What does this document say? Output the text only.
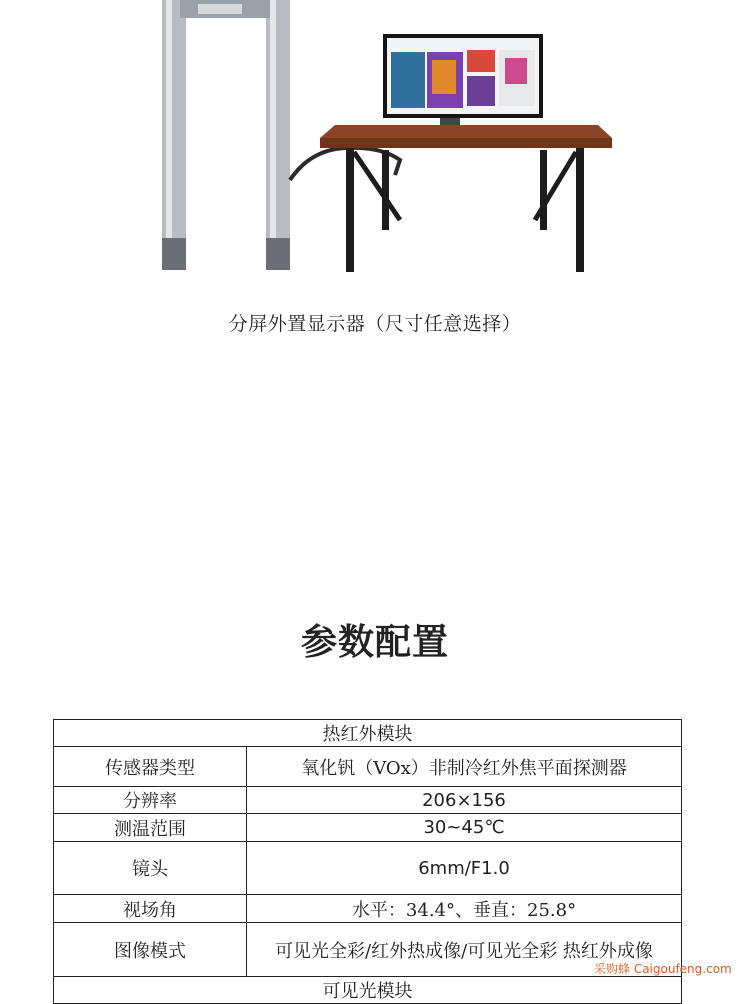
分屏外置显示器（尺寸任意选择）
参数配置
热红外模块	
传感器类型	氧化钒（VOx）非制冷红外焦平面探测器
分辨率	206×156
测温范围	30~45℃
镜头	6mm/F1.0
视场角	水平：34.4°、垂直：25.8°
图像模式	可见光全彩/红外热成像/可见光全彩 热红外成像
可见光模块	
采购蜂 Caigoufeng.com
